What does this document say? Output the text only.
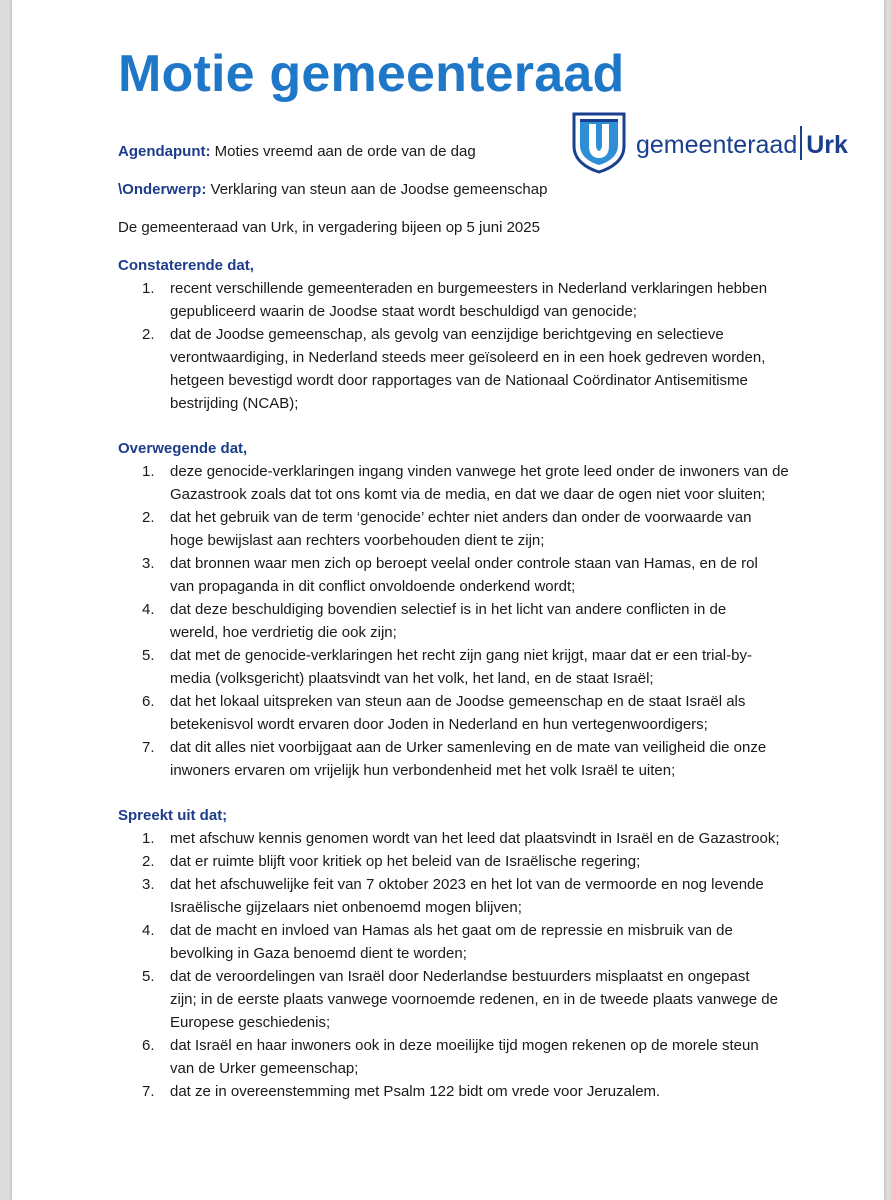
Motie gemeenteraad
gemeenteraad Urk

Agendapunt: Moties vreemd aan de orde van de dag

\Onderwerp: Verklaring van steun aan de Joodse gemeenschap

De gemeenteraad van Urk, in vergadering bijeen op 5 juni 2025

Constaterende dat,

1. recent verschillende gemeenteraden en burgemeesters in Nederland verklaringen hebben
gepubliceerd waarin de Joodse staat wordt beschuldigd van genocide;
2. dat de Joodse gemeenschap, als gevolg van eenzijdige berichtgeving en selectieve
verontwaardiging, in Nederland steeds meer geïsoleerd en in een hoek gedreven worden,
hetgeen bevestigd wordt door rapportages van de Nationaal Coördinator Antisemitisme
bestrijding (NCAB);

Overwegende dat,

1. deze genocide-verklaringen ingang vinden vanwege het grote leed onder de inwoners van de
Gazastrook zoals dat tot ons komt via de media, en dat we daar de ogen niet voor sluiten;
2. dat het gebruik van de term ‘genocide’ echter niet anders dan onder de voorwaarde van
hoge bewijslast aan rechters voorbehouden dient te zijn;
3. dat bronnen waar men zich op beroept veelal onder controle staan van Hamas, en de rol
van propaganda in dit conflict onvoldoende onderkend wordt;
4. dat deze beschuldiging bovendien selectief is in het licht van andere conflicten in de
wereld, hoe verdrietig die ook zijn;
5. dat met de genocide-verklaringen het recht zijn gang niet krijgt, maar dat er een trial-by-
media (volksgericht) plaatsvindt van het volk, het land, en de staat Israël;
6. dat het lokaal uitspreken van steun aan de Joodse gemeenschap en de staat Israël als
betekenisvol wordt ervaren door Joden in Nederland en hun vertegenwoordigers;
7. dat dit alles niet voorbijgaat aan de Urker samenleving en de mate van veiligheid die onze
inwoners ervaren om vrijelijk hun verbondenheid met het volk Israël te uiten;

Spreekt uit dat;

1. met afschuw kennis genomen wordt van het leed dat plaatsvindt in Israël en de Gazastrook;
2. dat er ruimte blijft voor kritiek op het beleid van de Israëlische regering;
3. dat het afschuwelijke feit van 7 oktober 2023 en het lot van de vermoorde en nog levende
Israëlische gijzelaars niet onbenoemd mogen blijven;
4. dat de macht en invloed van Hamas als het gaat om de repressie en misbruik van de
bevolking in Gaza benoemd dient te worden;
5. dat de veroordelingen van Israël door Nederlandse bestuurders misplaatst en ongepast
zijn; in de eerste plaats vanwege voornoemde redenen, en in de tweede plaats vanwege de
Europese geschiedenis;
6. dat Israël en haar inwoners ook in deze moeilijke tijd mogen rekenen op de morele steun
van de Urker gemeenschap;
7. dat ze in overeenstemming met Psalm 122 bidt om vrede voor Jeruzalem.
